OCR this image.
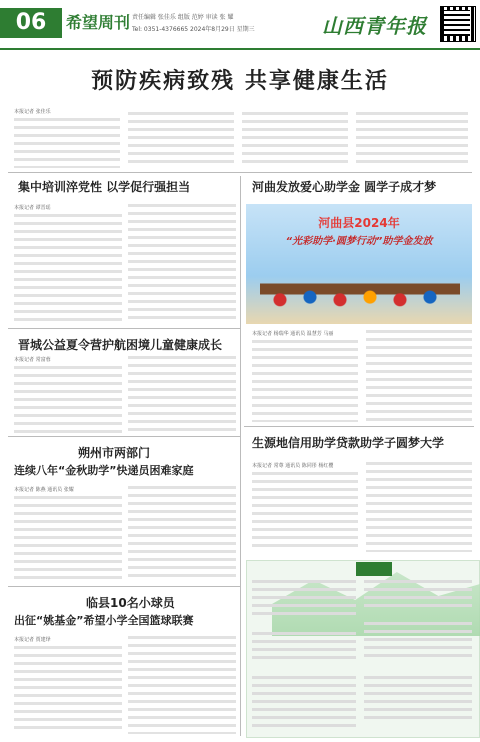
06	希望周刊 责任编辑 张佳乐 组版 范婷 审读 张 耀
Tel: 0351-4376665 2024年8月29日 星期三	山西青年报
预防疾病致残 共享健康生活
本报记者 张佳乐
集中培训淬党性 以学促行强担当
本报记者 谭晋瑶
晋城公益夏令营护航困境儿童健康成长
本报记者 常富蓉
朔州市两部门
连续八年“金秋助学”快递员困难家庭
本报记者 陈燕 通讯员 张耀
临县10名小球员
出征“姚基金”希望小学全国篮球联赛
本报记者 贾建绎
河曲发放爱心助学金 圆学子成才梦
河曲县2024年
“光彩助学·圆梦行动”助学金发放
本报记者 杨瑞华 通讯员 温慧芳 马丽
生源地信用助学贷款助学子圆梦大学
本报记者 常尊 通讯员 陈同彤 杨红樱
